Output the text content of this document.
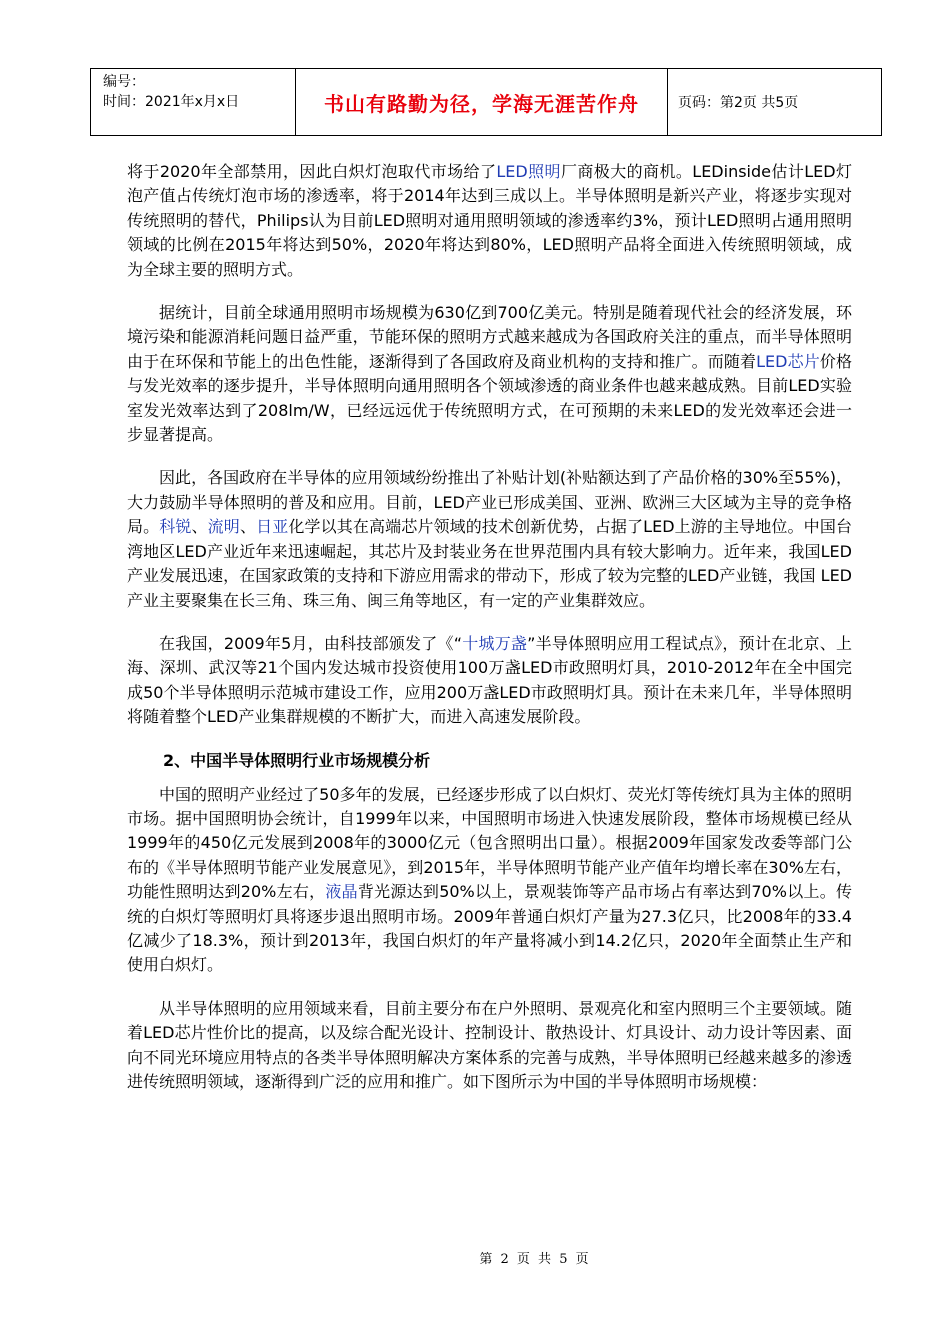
编号：
时间：2021年x月x日	书山有路勤为径，学海无涯苦作舟	页码：第2页 共5页

将于2020年全部禁用，因此白炽灯泡取代市场给了LED照明厂商极大的商机。LEDinside估计LED灯泡产值占传统灯泡市场的渗透率，将于2014年达到三成以上。半导体照明是新兴产业，将逐步实现对传统照明的替代，Philips认为目前LED照明对通用照明领域的渗透率约3%，预计LED照明占通用照明领域的比例在2015年将达到50%，2020年将达到80%，LED照明产品将全面进入传统照明领域，成为全球主要的照明方式。

据统计，目前全球通用照明市场规模为630亿到700亿美元。特别是随着现代社会的经济发展，环境污染和能源消耗问题日益严重，节能环保的照明方式越来越成为各国政府关注的重点，而半导体照明由于在环保和节能上的出色性能，逐渐得到了各国政府及商业机构的支持和推广。而随着LED芯片价格与发光效率的逐步提升，半导体照明向通用照明各个领域渗透的商业条件也越来越成熟。目前LED实验室发光效率达到了208lm/W，已经远远优于传统照明方式，在可预期的未来LED的发光效率还会进一步显著提高。

因此，各国政府在半导体的应用领域纷纷推出了补贴计划(补贴额达到了产品价格的30%至55%)，大力鼓励半导体照明的普及和应用。目前，LED产业已形成美国、亚洲、欧洲三大区域为主导的竞争格局。科锐、流明、日亚化学以其在高端芯片领域的技术创新优势，占据了LED上游的主导地位。中国台湾地区LED产业近年来迅速崛起，其芯片及封装业务在世界范围内具有较大影响力。近年来，我国LED产业发展迅速，在国家政策的支持和下游应用需求的带动下，形成了较为完整的LED产业链，我国 LED产业主要聚集在长三角、珠三角、闽三角等地区，有一定的产业集群效应。

在我国，2009年5月，由科技部颁发了《“十城万盏”半导体照明应用工程试点》，预计在北京、上海、深圳、武汉等21个国内发达城市投资使用100万盏LED市政照明灯具，2010-2012年在全中国完成50个半导体照明示范城市建设工作，应用200万盏LED市政照明灯具。预计在未来几年，半导体照明将随着整个LED产业集群规模的不断扩大，而进入高速发展阶段。

2、中国半导体照明行业市场规模分析

中国的照明产业经过了50多年的发展，已经逐步形成了以白炽灯、荧光灯等传统灯具为主体的照明市场。据中国照明协会统计，自1999年以来，中国照明市场进入快速发展阶段，整体市场规模已经从1999年的450亿元发展到2008年的3000亿元（包含照明出口量）。根据2009年国家发改委等部门公布的《半导体照明节能产业发展意见》，到2015年，半导体照明节能产业产值年均增长率在30%左右，功能性照明达到20%左右，液晶背光源达到50%以上，景观装饰等产品市场占有率达到70%以上。传统的白炽灯等照明灯具将逐步退出照明市场。2009年普通白炽灯产量为27.3亿只，比2008年的33.4亿减少了18.3%，预计到2013年，我国白炽灯的年产量将减小到14.2亿只，2020年全面禁止生产和使用白炽灯。

从半导体照明的应用领域来看，目前主要分布在户外照明、景观亮化和室内照明三个主要领域。随着LED芯片性价比的提高，以及综合配光设计、控制设计、散热设计、灯具设计、动力设计等因素、面向不同光环境应用特点的各类半导体照明解决方案体系的完善与成熟，半导体照明已经越来越多的渗透进传统照明领域，逐渐得到广泛的应用和推广。如下图所示为中国的半导体照明市场规模：

第 2 页 共 5 页
